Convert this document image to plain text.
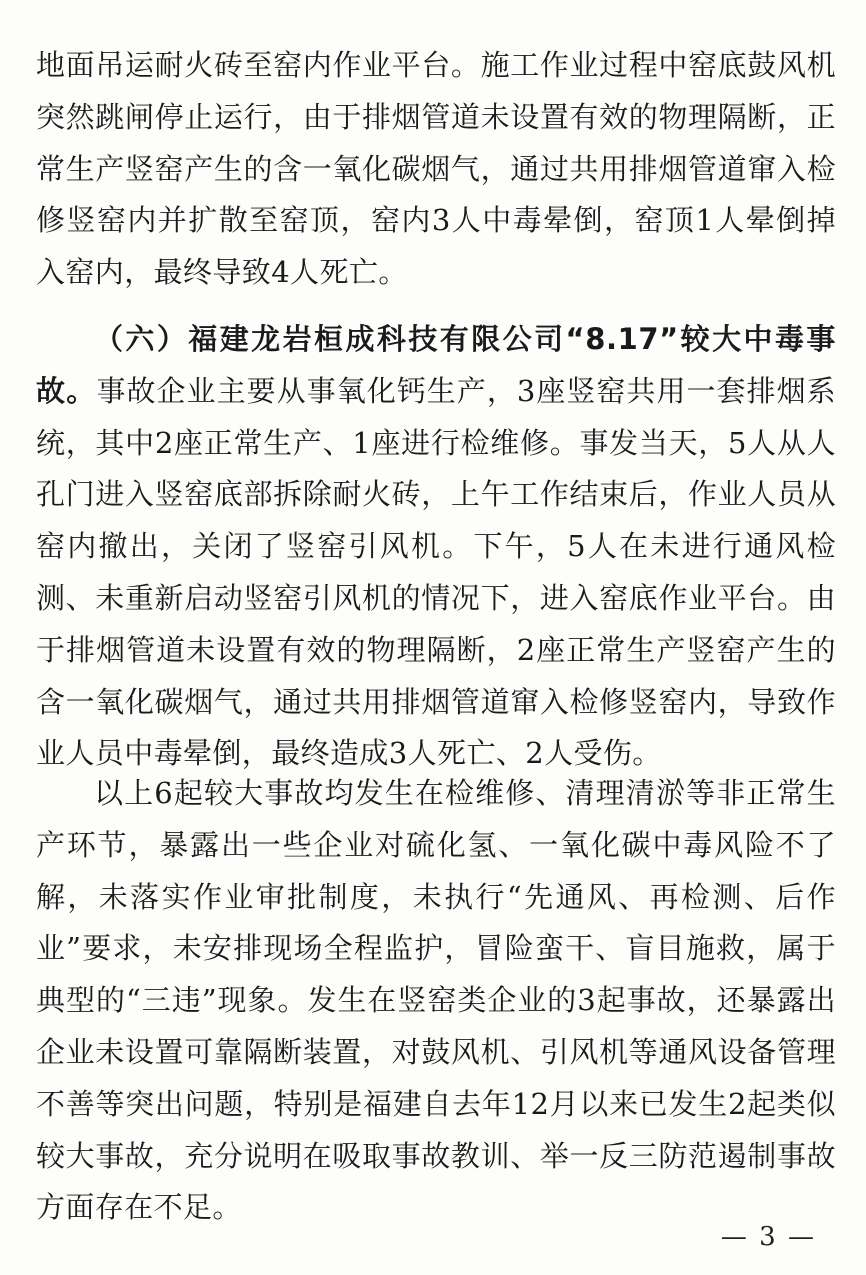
地面吊运耐火砖至窑内作业平台。施工作业过程中窑底鼓风机突然跳闸停止运行，由于排烟管道未设置有效的物理隔断，正常生产竖窑产生的含一氧化碳烟气，通过共用排烟管道窜入检修竖窑内并扩散至窑顶，窑内3人中毒晕倒，窑顶1人晕倒掉入窑内，最终导致4人死亡。

（六）福建龙岩桓成科技有限公司“8.17”较大中毒事故。事故企业主要从事氧化钙生产，3座竖窑共用一套排烟系统，其中2座正常生产、1座进行检维修。事发当天，5人从人孔门进入竖窑底部拆除耐火砖，上午工作结束后，作业人员从窑内撤出，关闭了竖窑引风机。下午，5人在未进行通风检测、未重新启动竖窑引风机的情况下，进入窑底作业平台。由于排烟管道未设置有效的物理隔断，2座正常生产竖窑产生的含一氧化碳烟气，通过共用排烟管道窜入检修竖窑内，导致作业人员中毒晕倒，最终造成3人死亡、2人受伤。

以上6起较大事故均发生在检维修、清理清淤等非正常生产环节，暴露出一些企业对硫化氢、一氧化碳中毒风险不了解，未落实作业审批制度，未执行“先通风、再检测、后作业”要求，未安排现场全程监护，冒险蛮干、盲目施救，属于典型的“三违”现象。发生在竖窑类企业的3起事故，还暴露出企业未设置可靠隔断装置，对鼓风机、引风机等通风设备管理不善等突出问题，特别是福建自去年12月以来已发生2起类似较大事故，充分说明在吸取事故教训、举一反三防范遏制事故方面存在不足。

— 3 —
